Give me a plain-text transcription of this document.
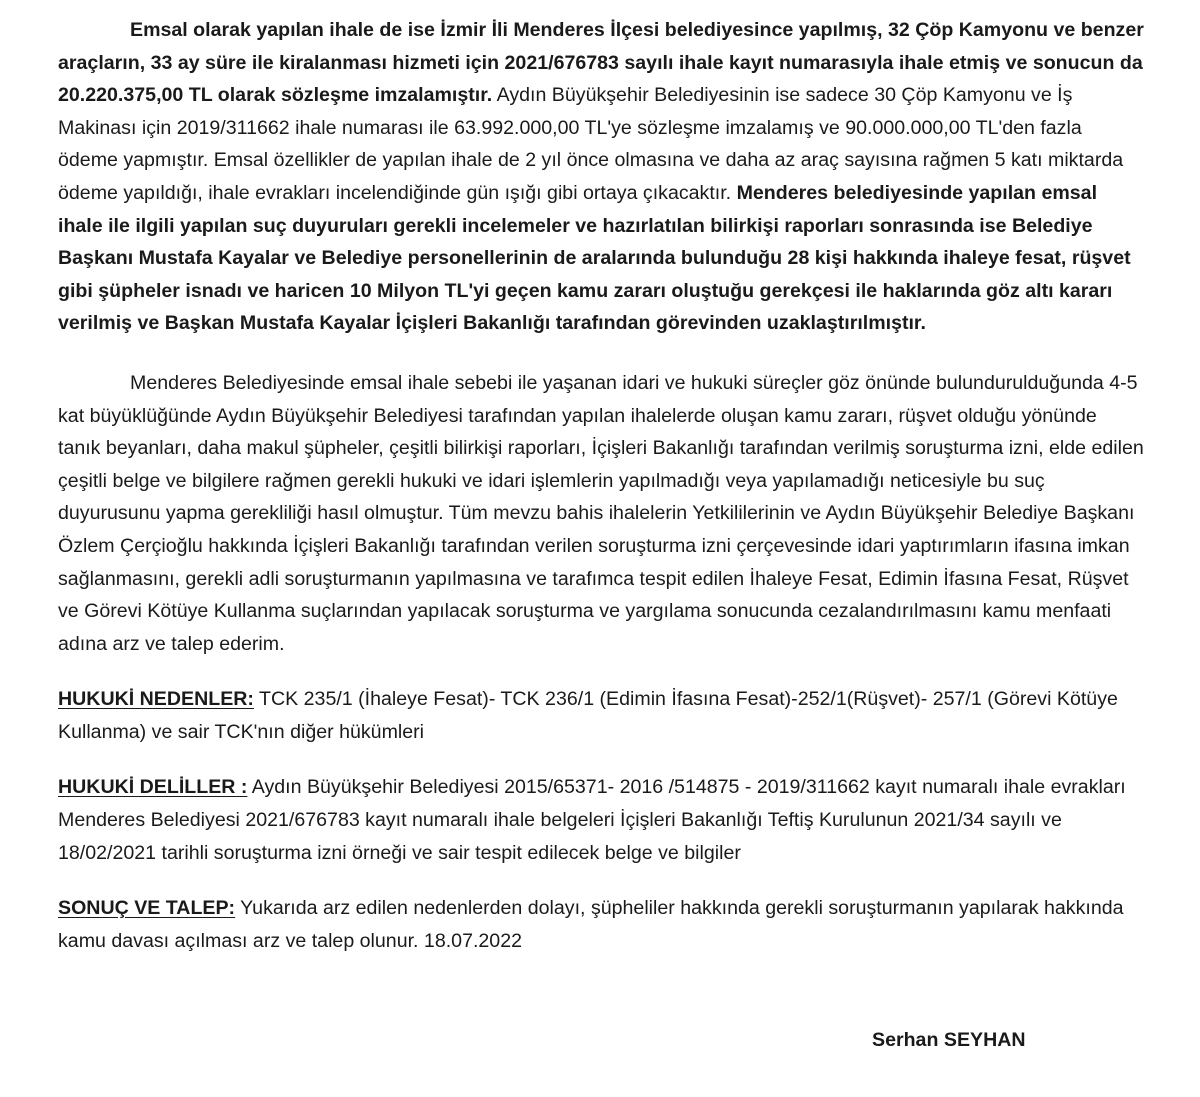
Emsal olarak yapılan ihale de ise İzmir İli Menderes İlçesi belediyesince yapılmış, 32 Çöp Kamyonu ve benzer araçların, 33 ay süre ile kiralanması hizmeti için 2021/676783 sayılı ihale kayıt numarasıyla ihale etmiş ve sonucun da 20.220.375,00 TL olarak sözleşme imzalamıştır. Aydın Büyükşehir Belediyesinin ise sadece 30 Çöp Kamyonu ve İş Makinası için 2019/311662 ihale numarası ile 63.992.000,00 TL'ye sözleşme imzalamış ve 90.000.000,00 TL'den fazla ödeme yapmıştır. Emsal özellikler de yapılan ihale de 2 yıl önce olmasına ve daha az araç sayısına rağmen 5 katı miktarda ödeme yapıldığı, ihale evrakları incelendiğinde gün ışığı gibi ortaya çıkacaktır. Menderes belediyesinde yapılan emsal ihale ile ilgili yapılan suç duyuruları gerekli incelemeler ve hazırlatılan bilirkişi raporları sonrasında ise Belediye Başkanı Mustafa Kayalar ve Belediye personellerinin de aralarında bulunduğu 28 kişi hakkında ihaleye fesat, rüşvet gibi şüpheler isnadı ve haricen 10 Milyon TL'yi geçen kamu zararı oluştuğu gerekçesi ile haklarında göz altı kararı verilmiş ve Başkan Mustafa Kayalar İçişleri Bakanlığı tarafından görevinden uzaklaştırılmıştır.

Menderes Belediyesinde emsal ihale sebebi ile yaşanan idari ve hukuki süreçler göz önünde bulundurulduğunda 4-5 kat büyüklüğünde Aydın Büyükşehir Belediyesi tarafından yapılan ihalelerde oluşan kamu zararı, rüşvet olduğu yönünde tanık beyanları, daha makul şüpheler, çeşitli bilirkişi raporları, İçişleri Bakanlığı tarafından verilmiş soruşturma izni, elde edilen çeşitli belge ve bilgilere rağmen gerekli hukuki ve idari işlemlerin yapılmadığı veya yapılamadığı neticesiyle bu suç duyurusunu yapma gerekliliği hasıl olmuştur. Tüm mevzu bahis ihalelerin Yetkililerinin ve Aydın Büyükşehir Belediye Başkanı Özlem Çerçioğlu hakkında İçişleri Bakanlığı tarafından verilen soruşturma izni çerçevesinde idari yaptırımların ifasına imkan sağlanmasını, gerekli adli soruşturmanın yapılmasına ve tarafımca tespit edilen İhaleye Fesat, Edimin İfasına Fesat, Rüşvet ve Görevi Kötüye Kullanma suçlarından yapılacak soruşturma ve yargılama sonucunda cezalandırılmasını kamu menfaati adına arz ve talep ederim.

HUKUKİ NEDENLER: TCK 235/1 (İhaleye Fesat)- TCK 236/1 (Edimin İfasına Fesat)-252/1(Rüşvet)- 257/1 (Görevi Kötüye Kullanma) ve sair TCK'nın diğer hükümleri

HUKUKİ DELİLLER : Aydın Büyükşehir Belediyesi 2015/65371- 2016 /514875 - 2019/311662 kayıt numaralı ihale evrakları Menderes Belediyesi 2021/676783 kayıt numaralı ihale belgeleri İçişleri Bakanlığı Teftiş Kurulunun 2021/34 sayılı ve 18/02/2021 tarihli soruşturma izni örneği ve sair tespit edilecek belge ve bilgiler

SONUÇ VE TALEP: Yukarıda arz edilen nedenlerden dolayı, şüpheliler hakkında gerekli soruşturmanın yapılarak hakkında kamu davası açılması arz ve talep olunur. 18.07.2022

Serhan SEYHAN
